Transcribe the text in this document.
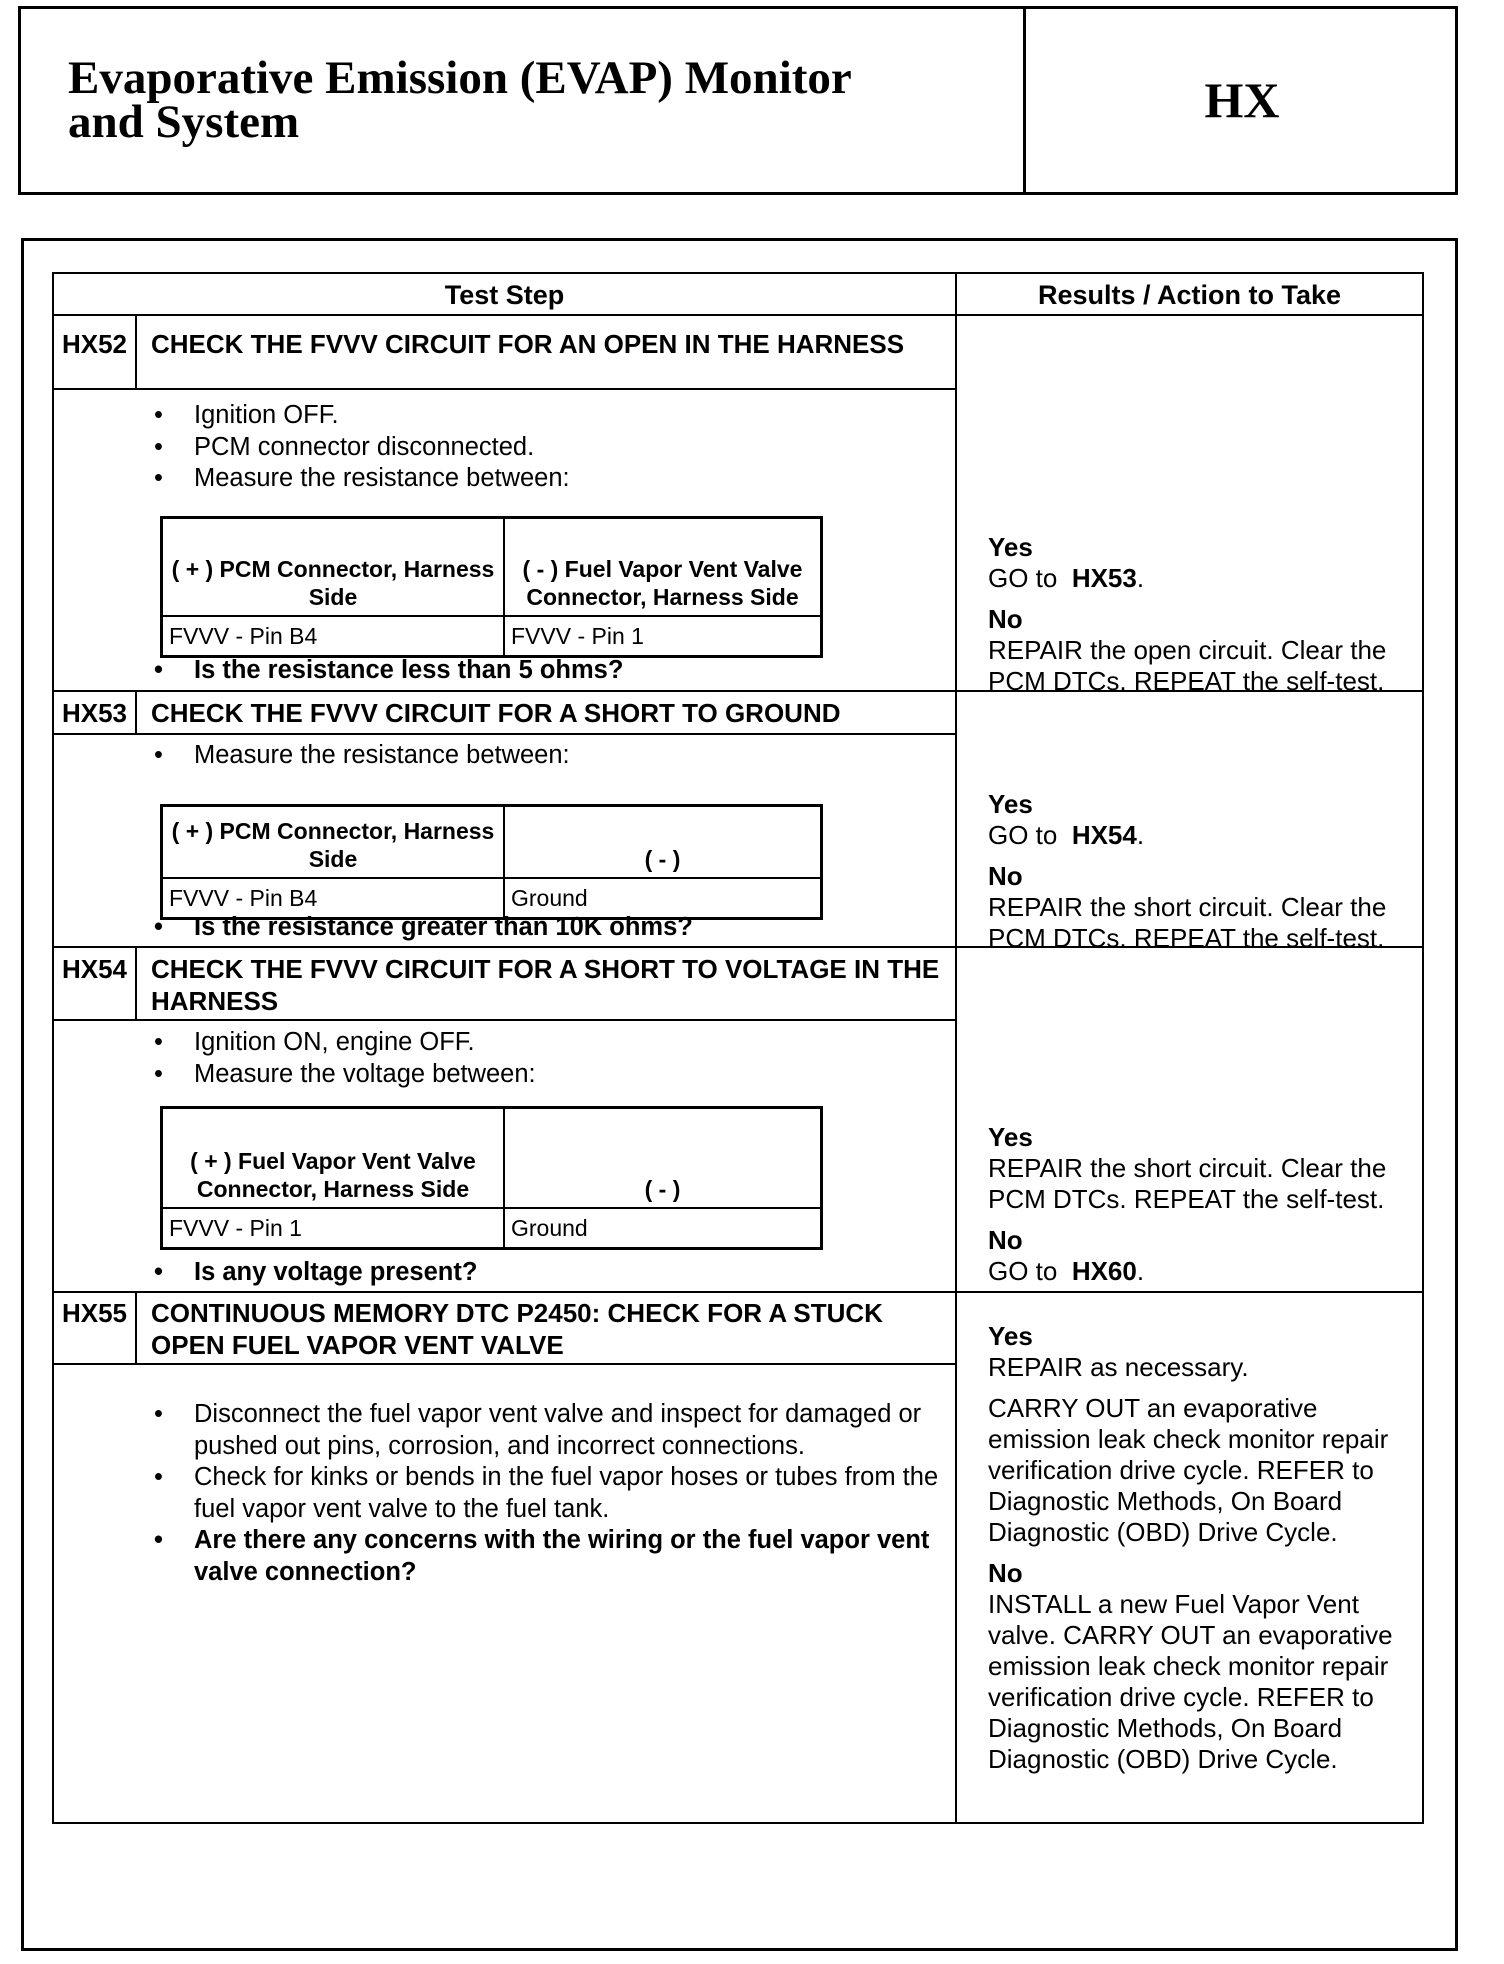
Evaporative Emission (EVAP) Monitor
and System	HX
Test Step	Results / Action to Take
HX52 CHECK THE FVVV CIRCUIT FOR AN OPEN IN THE HARNESS
• Ignition OFF.
• PCM connector disconnected.
• Measure the resistance between:
( + ) PCM Connector, Harness Side	( - ) Fuel Vapor Vent Valve Connector, Harness Side
FVVV - Pin B4	FVVV - Pin 1
• Is the resistance less than 5 ohms?
Yes
GO to  HX53.
No
REPAIR the open circuit. Clear the PCM DTCs. REPEAT the self-test.
HX53 CHECK THE FVVV CIRCUIT FOR A SHORT TO GROUND
• Measure the resistance between:
( + ) PCM Connector, Harness Side	( - )
FVVV - Pin B4	Ground
• Is the resistance greater than 10K ohms?
Yes
GO to  HX54.
No
REPAIR the short circuit. Clear the PCM DTCs. REPEAT the self-test.
HX54 CHECK THE FVVV CIRCUIT FOR A SHORT TO VOLTAGE IN THE HARNESS
• Ignition ON, engine OFF.
• Measure the voltage between:
( + ) Fuel Vapor Vent Valve Connector, Harness Side	( - )
FVVV - Pin 1	Ground
• Is any voltage present?
Yes
REPAIR the short circuit. Clear the PCM DTCs. REPEAT the self-test.
No
GO to  HX60.
HX55 CONTINUOUS MEMORY DTC P2450: CHECK FOR A STUCK OPEN FUEL VAPOR VENT VALVE
• Disconnect the fuel vapor vent valve and inspect for damaged or pushed out pins, corrosion, and incorrect connections.
• Check for kinks or bends in the fuel vapor hoses or tubes from the fuel vapor vent valve to the fuel tank.
• Are there any concerns with the wiring or the fuel vapor vent valve connection?
Yes
REPAIR as necessary.
CARRY OUT an evaporative emission leak check monitor repair verification drive cycle. REFER to Diagnostic Methods, On Board Diagnostic (OBD) Drive Cycle.
No
INSTALL a new Fuel Vapor Vent valve. CARRY OUT an evaporative emission leak check monitor repair verification drive cycle. REFER to Diagnostic Methods, On Board Diagnostic (OBD) Drive Cycle.
